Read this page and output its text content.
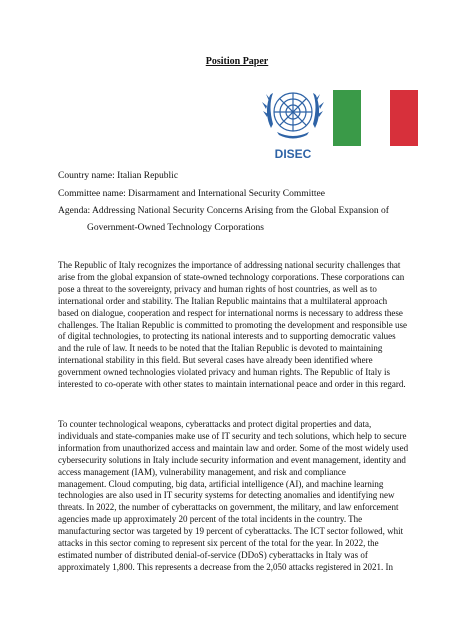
Position Paper
DISEC
Country name: Italian Republic
Committee name: Disarmament and International Security Committee
Agenda: Addressing National Security Concerns Arising from the Global Expansion of
Government-Owned Technology Corporations
The Republic of Italy recognizes the importance of addressing national security challenges that
arise from the global expansion of state-owned technology corporations. These corporations can
pose a threat to the sovereignty, privacy and human rights of host countries, as well as to
international order and stability. The Italian Republic maintains that a multilateral approach
based on dialogue, cooperation and respect for international norms is necessary to address these
challenges. The Italian Republic is committed to promoting the development and responsible use
of digital technologies, to protecting its national interests and to supporting democratic values
and the rule of law. It needs to be noted that the Italian Republic is devoted to maintaining
international stability in this field. But several cases have already been identified where
government owned technologies violated privacy and human rights. The Republic of Italy is
interested to co-operate with other states to maintain international peace and order in this regard.
To counter technological weapons, cyberattacks and protect digital properties and data,
individuals and state-companies make use of IT security and tech solutions, which help to secure
information from unauthorized access and maintain law and order. Some of the most widely used
cybersecurity solutions in Italy include security information and event management, identity and
access management (IAM), vulnerability management, and risk and compliance
management. Cloud computing, big data, artificial intelligence (AI), and machine learning
technologies are also used in IT security systems for detecting anomalies and identifying new
threats. In 2022, the number of cyberattacks on government, the military, and law enforcement
agencies made up approximately 20 percent of the total incidents in the country. The
manufacturing sector was targeted by 19 percent of cyberattacks. The ICT sector followed, whit
attacks in this sector coming to represent six percent of the total for the year. In 2022, the
estimated number of distributed denial-of-service (DDoS) cyberattacks in Italy was of
approximately 1,800. This represents a decrease from the 2,050 attacks registered in 2021. In
